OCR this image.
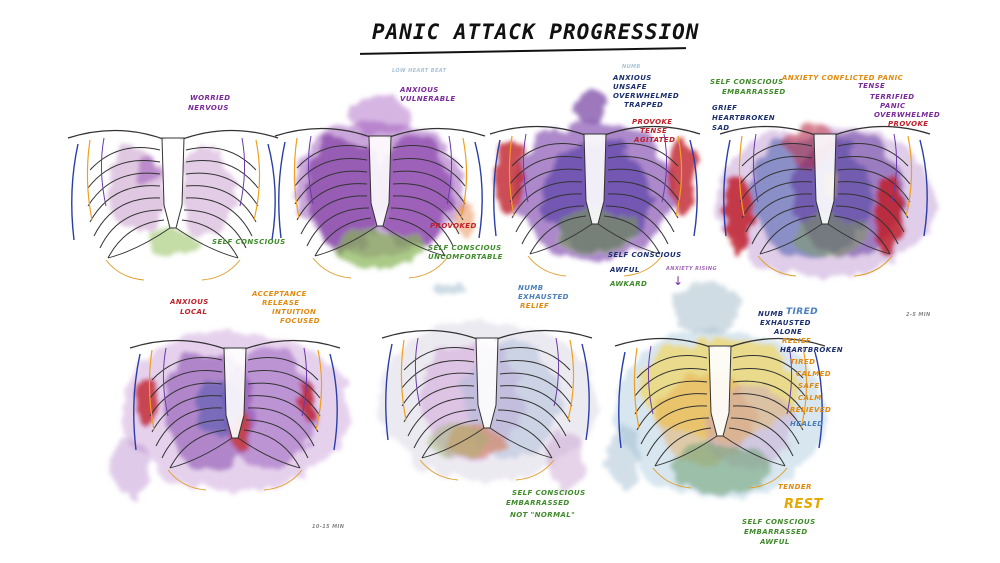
PANIC ATTACK PROGRESSION
WORRIED
NERVOUS
SELF CONSCIOUS
LOW HEART BEAT
ANXIOUS
VULNERABLE
PROVOKED
SELF CONSCIOUS
UNCOMFORTABLE
NUMB
ANXIOUS
UNSAFE
OVERWHELMED
TRAPPED
PROVOKE
TENSE
AGITATED
SELF CONSCIOUS
AWFUL	ANXIETY RISING
AWKARD ↓
SELF CONSCIOUS
EMBARRASSED
GRIEF
HEARTBROKEN
SAD
ANXIETY CONFLICTED PANIC
TENSE
TERRIFIED
PANIC
OVERWHELMED
PROVOKE
ANXIOUS
LOCAL
ACCEPTANCE
RELEASE
INTUITION
FOCUSED
10-15 MIN
NUMB
EXHAUSTED
RELIEF
SELF CONSCIOUS
EMBARRASSED
NOT "NORMAL"
NUMB TIRED
EXHAUSTED
ALONE
RELIEF
HEARTBROKEN
TIRED
CALMED
SAFE
CALM
RELIEVED
HEALED
TENDER
REST
SELF CONSCIOUS
EMBARRASSED
AWFUL
2-5 MIN
